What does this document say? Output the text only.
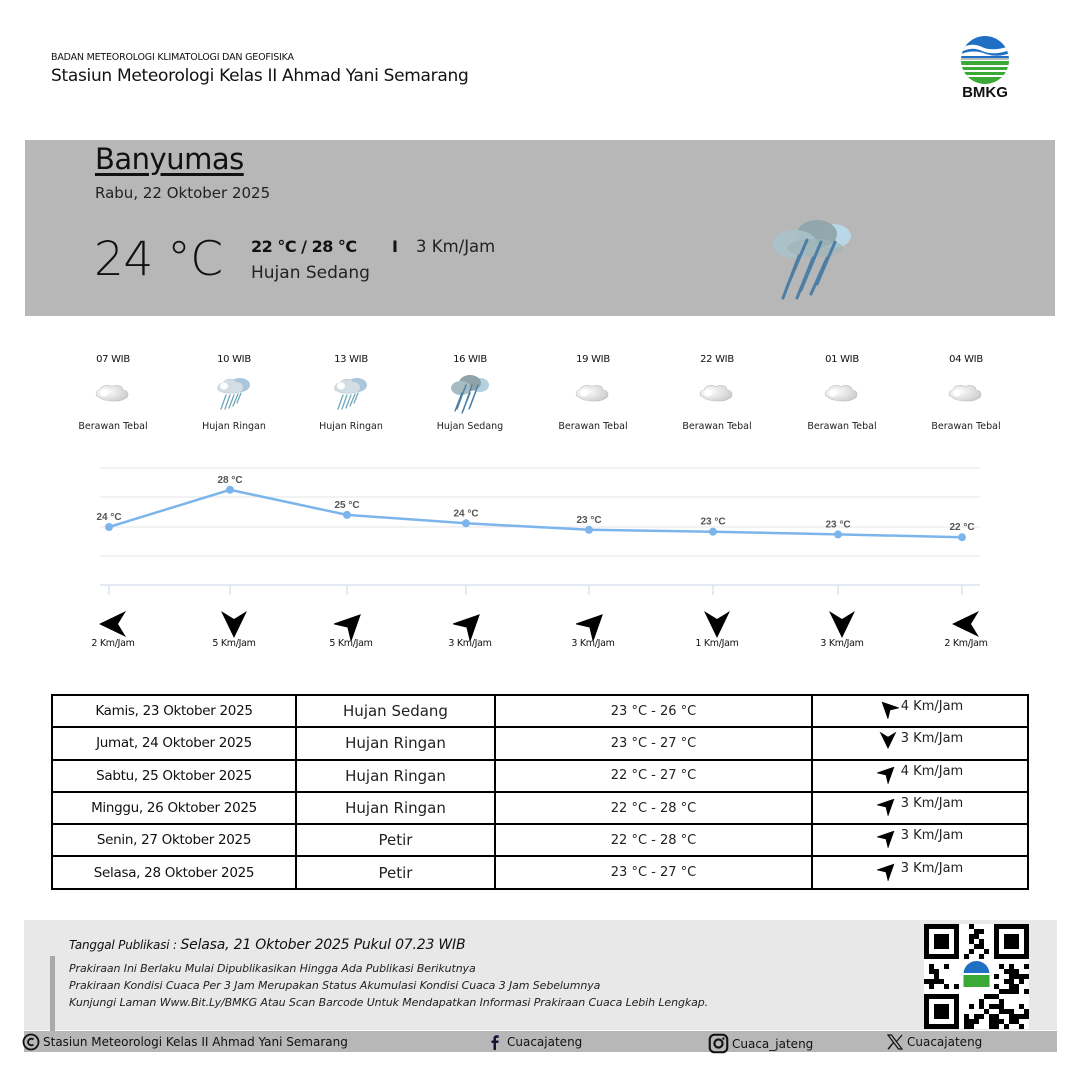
BADAN METEOROLOGI KLIMATOLOGI DAN GEOFISIKA
Stasiun Meteorologi Kelas II Ahmad Yani Semarang
BMKG
Banyumas
Rabu, 22 Oktober 2025
24 °C 22 °C / 28 °C I 3 Km/Jam
Hujan Sedang
07 WIB
Berawan Tebal
10 WIB
Hujan Ringan
13 WIB
Hujan Ringan
16 WIB
Hujan Sedang
19 WIB
Berawan Tebal
22 WIB
Berawan Tebal
01 WIB
Berawan Tebal
04 WIB
Berawan Tebal
24 °C
28 °C
25 °C
24 °C
23 °C	23 °C	23 °C	22 °C
2 Km/Jam	5 Km/Jam	5 Km/Jam	3 Km/Jam	3 Km/Jam	1 Km/Jam	3 Km/Jam	2 Km/Jam
Kamis, 23 Oktober 2025	Hujan Sedang	23 °C - 26 °C	4 Km/Jam

Jumat, 24 Oktober 2025	Hujan Ringan	23 °C - 27 °C	3 Km/Jam

Sabtu, 25 Oktober 2025	Hujan Ringan	22 °C - 27 °C	4 Km/Jam

Minggu, 26 Oktober 2025	Hujan Ringan	22 °C - 28 °C	3 Km/Jam

Senin, 27 Oktober 2025	Petir	22 °C - 28 °C	3 Km/Jam

Selasa, 28 Oktober 2025	Petir	23 °C - 27 °C	3 Km/Jam
Tanggal Publikasi : Selasa, 21 Oktober 2025 Pukul 07.23 WIB
Prakiraan Ini Berlaku Mulai Dipublikasikan Hingga Ada Publikasi Berikutnya
Prakiraan Kondisi Cuaca Per 3 Jam Merupakan Status Akumulasi Kondisi Cuaca 3 Jam Sebelumnya
Kunjungi Laman Www.Bit.Ly/BMKG Atau Scan Barcode Untuk Mendapatkan Informasi Prakiraan Cuaca Lebih Lengkap.
Stasiun Meteorologi Kelas II Ahmad Yani Semarang	Cuacajateng	Cuaca_jateng	Cuacajateng
